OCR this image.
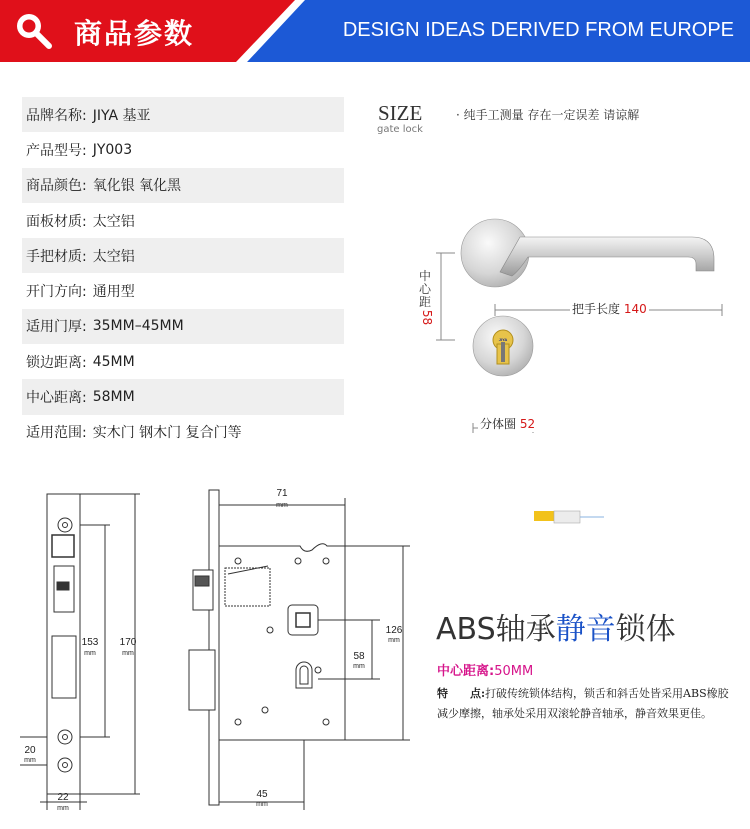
商品参数	DESIGN IDEAS DERIVED FROM EUROPE
品牌名称: JIYA 基亚
产品型号: JY003
商品颜色: 氧化银 氧化黑
面板材质: 太空铝
手把材质: 太空铝
开门方向: 通用型
适用门厚: 35MM–45MM
锁边距离: 45MM
中心距离: 58MM
适用范围: 实木门 钢木门 复合门等
SIZE
gate lock
· 纯手工测量 存在一定误差 请谅解
JIYA
中心距58
把手长度 140
分体圈 52
153
mm
170
mm
20
mm
22
mm
71
mm
126
mm
58
mm
45
mm
ABS轴承静音锁体
中心距离:50MM
特　　点:打破传统锁体结构，锁舌和斜舌处皆采用ABS橡胶减少摩擦，轴承处采用双滚轮静音轴承，静音效果更佳。
